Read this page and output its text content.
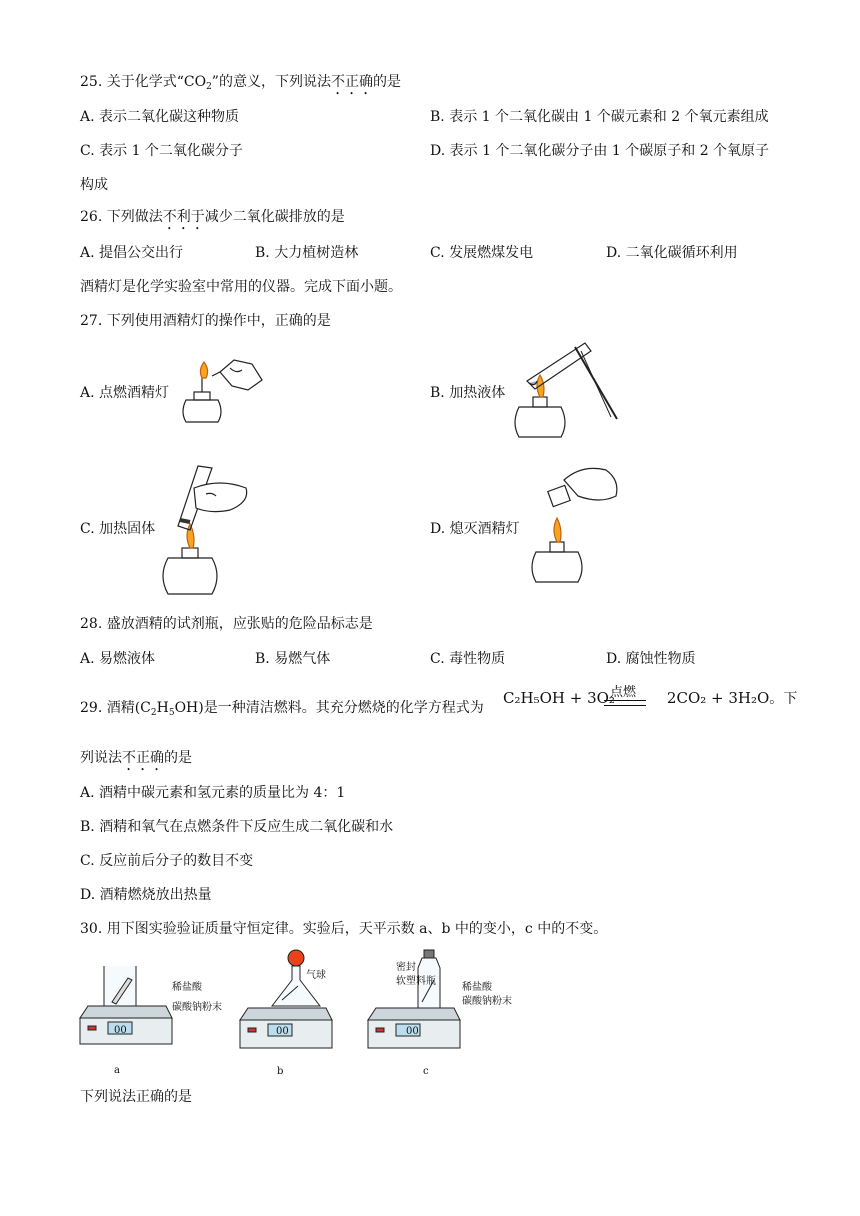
25. 关于化学式“$CO_2$”的意义，下列说法不正确的是
A. 表示二氧化碳这种物质	B. 表示 1 个二氧化碳由 1 个碳元素和 2 个氧元素组成
C. 表示 1 个二氧化碳分子	D. 表示 1 个二氧化碳分子由 1 个碳原子和 2 个氧原子
构成
26. 下列做法不利于减少二氧化碳排放的是
A. 提倡公交出行	B. 大力植树造林	C. 发展燃煤发电	D. 二氧化碳循环利用
酒精灯是化学实验室中常用的仪器。完成下面小题。
27. 下列使用酒精灯的操作中，正确的是
A. 点燃酒精灯	B. 加热液体
C. 加热固体	D. 熄灭酒精灯
28. 盛放酒精的试剂瓶，应张贴的危险品标志是
A. 易燃液体	B. 易燃气体	C. 毒性物质	D. 腐蚀性物质
29. 酒精$(C_2H_5OH)$是一种清洁燃料。其充分燃烧的化学方程式为
C₂H₅OH + 3O₂	2CO₂ + 3H₂O。下
点燃
列说法不正确的是
A. 酒精中碳元素和氢元素的质量比为 4：1
B. 酒精和氧气在点燃条件下反应生成二氧化碳和水
C. 反应前后分子的数目不变
D. 酒精燃烧放出热量
30. 用下图实验验证质量守恒定律。实验后，天平示数 a、b 中的变小，c 中的不变。
00
稀盐酸
碳酸钠粉末
a
00
气球
b
00
密封
软塑料瓶
稀盐酸
碳酸钠粉末
c
下列说法正确的是
